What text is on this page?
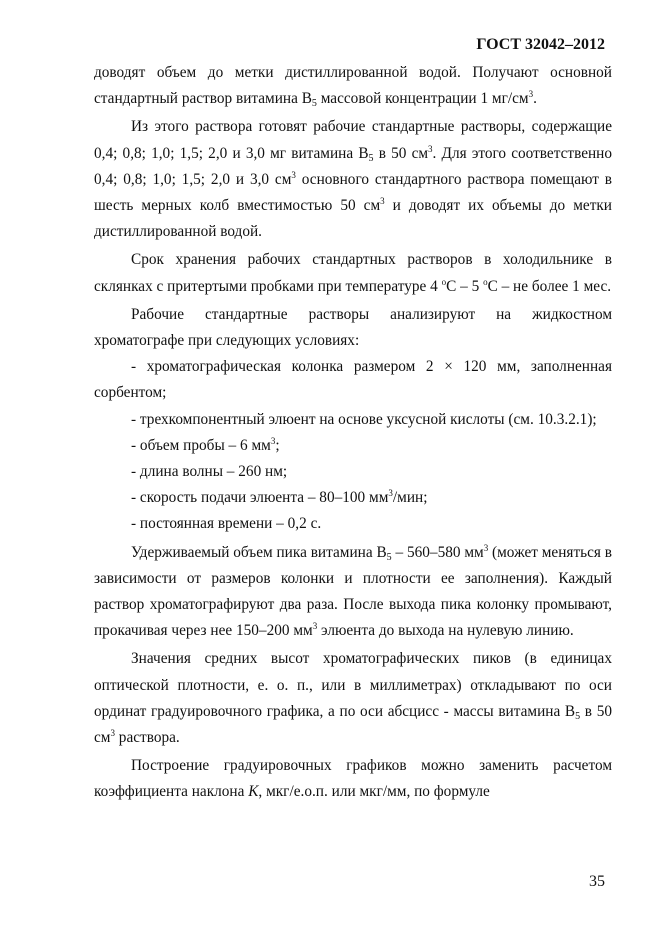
ГОСТ 32042–2012

доводят объем до метки дистиллированной водой. Получают основной стандартный раствор витамина $B_5$ массовой концентрации 1 $мг/см^3$.

Из этого раствора готовят рабочие стандартные растворы, содержащие 0,4; 0,8; 1,0; 1,5; 2,0 и 3,0 мг витамина $B_5$ в 50 $см^3$. Для этого соответственно 0,4; 0,8; 1,0; 1,5; 2,0 и 3,0 $см^3$ основного стандартного раствора помещают в шесть мерных колб вместимостью 50 $см^3$ и доводят их объемы до метки дистиллированной водой.

Срок хранения рабочих стандартных растворов в холодильнике в склянках с притертыми пробками при температуре 4 $^о$C – 5 $^о$C – не более 1 мес.

Рабочие стандартные растворы анализируют на жидкостном хроматографе при следующих условиях:

- хроматографическая колонка размером 2 × 120 мм, заполненная сорбентом;

- трехкомпонентный элюент на основе уксусной кислоты (см. 10.3.2.1);

- объем пробы – 6 $мм^3$;

- длина волны – 260 нм;

- скорость подачи элюента – 80–100 $мм^3$/мин;

- постоянная времени – 0,2 с.

Удерживаемый объем пика витамина $B_5 - 560-580$ $мм^3$ (может меняться в зависимости от размеров колонки и плотности ее заполнения). Каждый раствор хроматографируют два раза. После выхода пика колонку промывают, прокачивая через нее 150–200 $мм^3$ элюента до выхода на нулевую линию.

Значения средних высот хроматографических пиков (в единицах оптической плотности, е. о. п., или в миллиметрах) откладывают по оси ординат градуировочного графика, а по оси абсцисс - массы витамина $B_5$ в 50 $см^3$ раствора.

Построение градуировочных графиков можно заменить расчетом коэффициента наклона K, мкг/е.о.п. или мкг/мм, по формуле

35
